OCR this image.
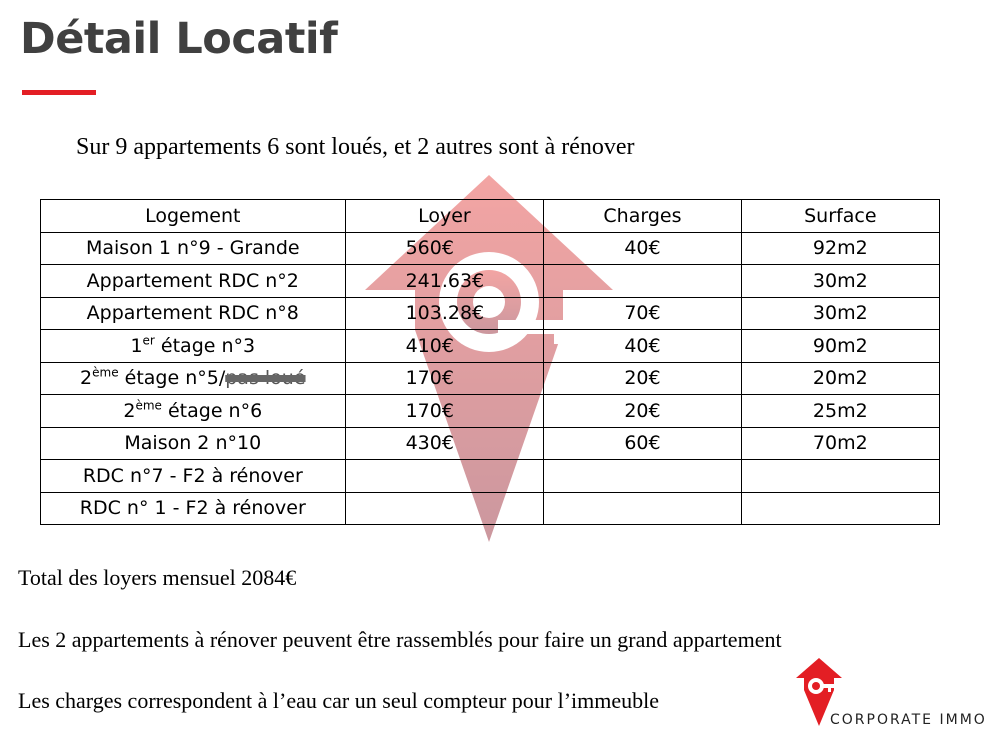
Détail Locatif
Sur 9 appartements 6 sont loués, et 2 autres sont à rénover
Logement	Loyer	Charges	Surface
Maison 1 n°9 - Grande	560€	40€	92m2
Appartement RDC n°2	241.63€		30m2
Appartement RDC n°8	103.28€	70€	30m2
1er étage n°3	410€	40€	90m2
2ème étage n°5/pas loué	170€	20€	20m2
2ème étage n°6	170€	20€	25m2
Maison 2 n°10	430€	60€	70m2
RDC n°7 - F2 à rénover			
RDC n° 1 - F2 à rénover			
Total des loyers mensuel 2084€
Les 2 appartements à rénover peuvent être rassemblés pour faire un grand appartement
Les charges correspondent à l’eau car un seul compteur pour l’immeuble
CORPORATE IMMO
